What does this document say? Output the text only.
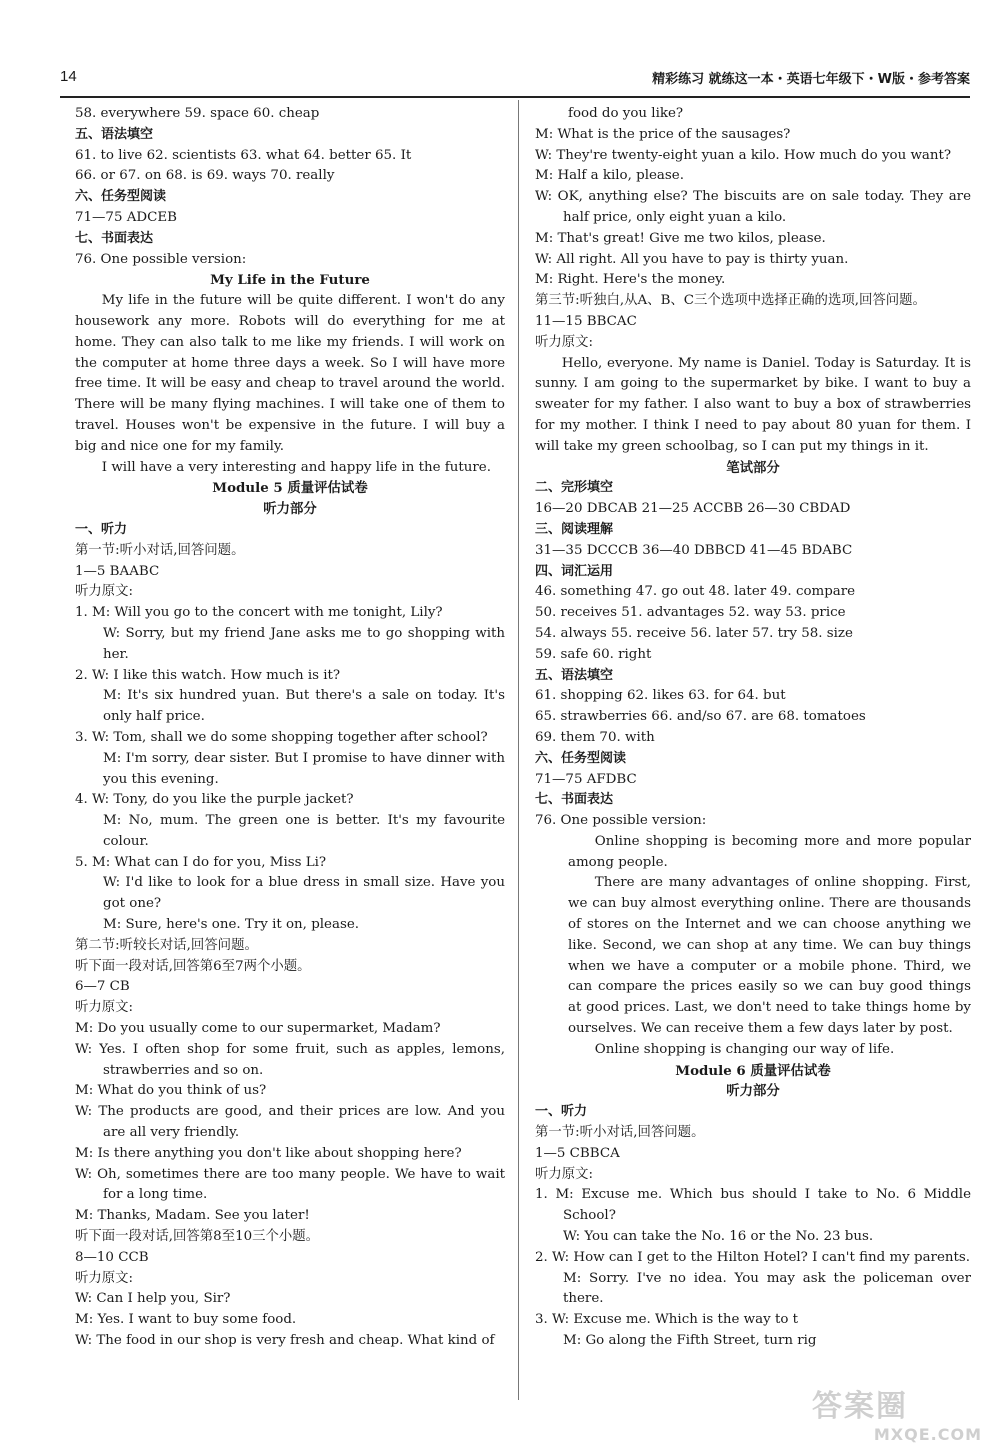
14	精彩练习 就练这一本・英语七年级下・W版・参考答案
58. everywhere 59. space 60. cheap
五、语法填空
61. to live 62. scientists 63. what 64. better 65. It
66. or 67. on 68. is 69. ways 70. really
六、任务型阅读
71—75 ADCEB
七、书面表达
76. One possible version:
My Life in the Future
My life in the future will be quite different. I won't do any housework any more. Robots will do everything for me at home. They can also talk to me like my friends. I will work on the computer at home three days a week. So I will have more free time. It will be easy and cheap to travel around the world. There will be many flying machines. I will take one of them to travel. Houses won't be expensive in the future. I will buy a big and nice one for my family.
I will have a very interesting and happy life in the future.
Module 5 质量评估试卷
听力部分
一、听力
第一节:听小对话,回答问题。
1—5 BAABC
听力原文:
1. M: Will you go to the concert with me tonight, Lily?
W: Sorry, but my friend Jane asks me to go shopping with her.
2. W: I like this watch. How much is it?
M: It's six hundred yuan. But there's a sale on today. It's only half price.
3. W: Tom, shall we do some shopping together after school?
M: I'm sorry, dear sister. But I promise to have dinner with you this evening.
4. W: Tony, do you like the purple jacket?
M: No, mum. The green one is better. It's my favourite colour.
5. M: What can I do for you, Miss Li?
W: I'd like to look for a blue dress in small size. Have you got one?
M: Sure, here's one. Try it on, please.
第二节:听较长对话,回答问题。
听下面一段对话,回答第6至7两个小题。
6—7 CB
听力原文:
M: Do you usually come to our supermarket, Madam?
W: Yes. I often shop for some fruit, such as apples, lemons, strawberries and so on.
M: What do you think of us?
W: The products are good, and their prices are low. And you are all very friendly.
M: Is there anything you don't like about shopping here?
W: Oh, sometimes there are too many people. We have to wait for a long time.
M: Thanks, Madam. See you later!
听下面一段对话,回答第8至10三个小题。
8—10 CCB
听力原文:
W: Can I help you, Sir?
M: Yes. I want to buy some food.
W: The food in our shop is very fresh and cheap. What kind of
food do you like?
M: What is the price of the sausages?
W: They're twenty-eight yuan a kilo. How much do you want?
M: Half a kilo, please.
W: OK, anything else? The biscuits are on sale today. They are half price, only eight yuan a kilo.
M: That's great! Give me two kilos, please.
W: All right. All you have to pay is thirty yuan.
M: Right. Here's the money.
第三节:听独白,从A、B、C三个选项中选择正确的选项,回答问题。
11—15 BBCAC
听力原文:
Hello, everyone. My name is Daniel. Today is Saturday. It is sunny. I am going to the supermarket by bike. I want to buy a sweater for my father. I also want to buy a box of strawberries for my mother. I think I need to pay about 80 yuan for them. I will take my green schoolbag, so I can put my things in it.
笔试部分
二、完形填空
16—20 DBCAB 21—25 ACCBB 26—30 CBDAD
三、阅读理解
31—35 DCCCB 36—40 DBBCD 41—45 BDABC
四、词汇运用
46. something 47. go out 48. later 49. compare
50. receives 51. advantages 52. way 53. price
54. always 55. receive 56. later 57. try 58. size
59. safe 60. right
五、语法填空
61. shopping 62. likes 63. for 64. but
65. strawberries 66. and/so 67. are 68. tomatoes
69. them 70. with
六、任务型阅读
71—75 AFDBC
七、书面表达
76. One possible version:
Online shopping is becoming more and more popular among people.
There are many advantages of online shopping. First, we can buy almost everything online. There are thousands of stores on the Internet and we can choose anything we like. Second, we can shop at any time. We can buy things when we have a computer or a mobile phone. Third, we can compare the prices easily so we can buy good things at good prices. Last, we don't need to take things home by ourselves. We can receive them a few days later by post.
Online shopping is changing our way of life.
Module 6 质量评估试卷
听力部分
一、听力
第一节:听小对话,回答问题。
1—5 CBBCA
听力原文:
1. M: Excuse me. Which bus should I take to No. 6 Middle School?
W: You can take the No. 16 or the No. 23 bus.
2. W: How can I get to the Hilton Hotel? I can't find my parents.
M: Sorry. I've no idea. You may ask the policeman over there.
3. W: Excuse me. Which is the way to t
M: Go along the Fifth Street, turn rig
答案圈
MXQE.COM
